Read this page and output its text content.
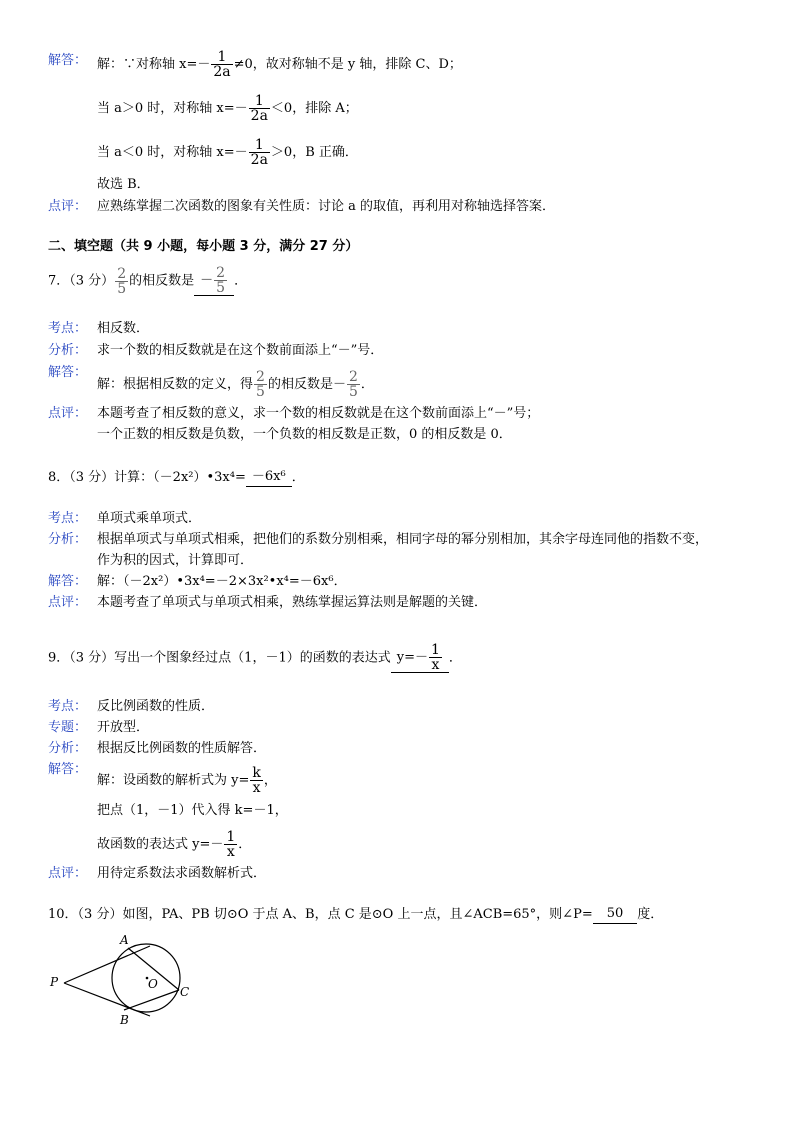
解答： 解：∵对称轴 $x=- \frac{1}{2a} \ne 0$，故对称轴不是 y 轴，排除 C、D；
当 a＞0 时，对称轴 $x=- \frac{1}{2a} <0$，排除 A；
当 a＜0 时，对称轴 $x=- \frac{1}{2a} >0$，B 正确．
故选 B．
点评： 应熟练掌握二次函数的图象有关性质：讨论 a 的取值，再利用对称轴选择答案．
二、填空题（共 9 小题，每小题 3 分，满分 27 分）
7．（3 分） $\frac{2}{5}$ 的相反数是 － $\frac{2}{5}$ ．
考点： 相反数．
分析： 求一个数的相反数就是在这个数前面添上“－”号．
解答：
解：根据相反数的定义，得 $\frac{2}{5}$ 的相反数是－ $\frac{2}{5}$ ．
点评： 本题考查了相反数的意义，求一个数的相反数就是在这个数前面添上“－”号；
一个正数的相反数是负数，一个负数的相反数是正数，0 的相反数是 0．
8．（3 分）计算：（－2x²）•3x⁴= －6x⁶ ．
考点： 单项式乘单项式．
分析： 根据单项式与单项式相乘，把他们的系数分别相乘，相同字母的幂分别相加，其余字母连同他的指数不变，
作为积的因式，计算即可．
解答： 解：（－2x²）•3x⁴=－2×3x²•x⁴=－6x⁶．
点评： 本题考查了单项式与单项式相乘，熟练掌握运算法则是解题的关键．
9．（3 分）写出一个图象经过点（1，－1）的函数的表达式 $y=- \frac{1}{x}$ ．
考点： 反比例函数的性质．
专题： 开放型．
分析： 根据反比例函数的性质解答．
解答：
解：设函数的解析式为 $y= \frac{k}{x}$ ，
把点（1，－1）代入得 k=－1，
故函数的表达式 $y=- \frac{1}{x}$ ．
点评： 用待定系数法求函数解析式．
10．（3 分）如图，PA、PB 切⊙O 于点 A、B，点 C 是⊙O 上一点，且∠ACB=65°，则∠P= 50 度．
P
A
C
B
O
